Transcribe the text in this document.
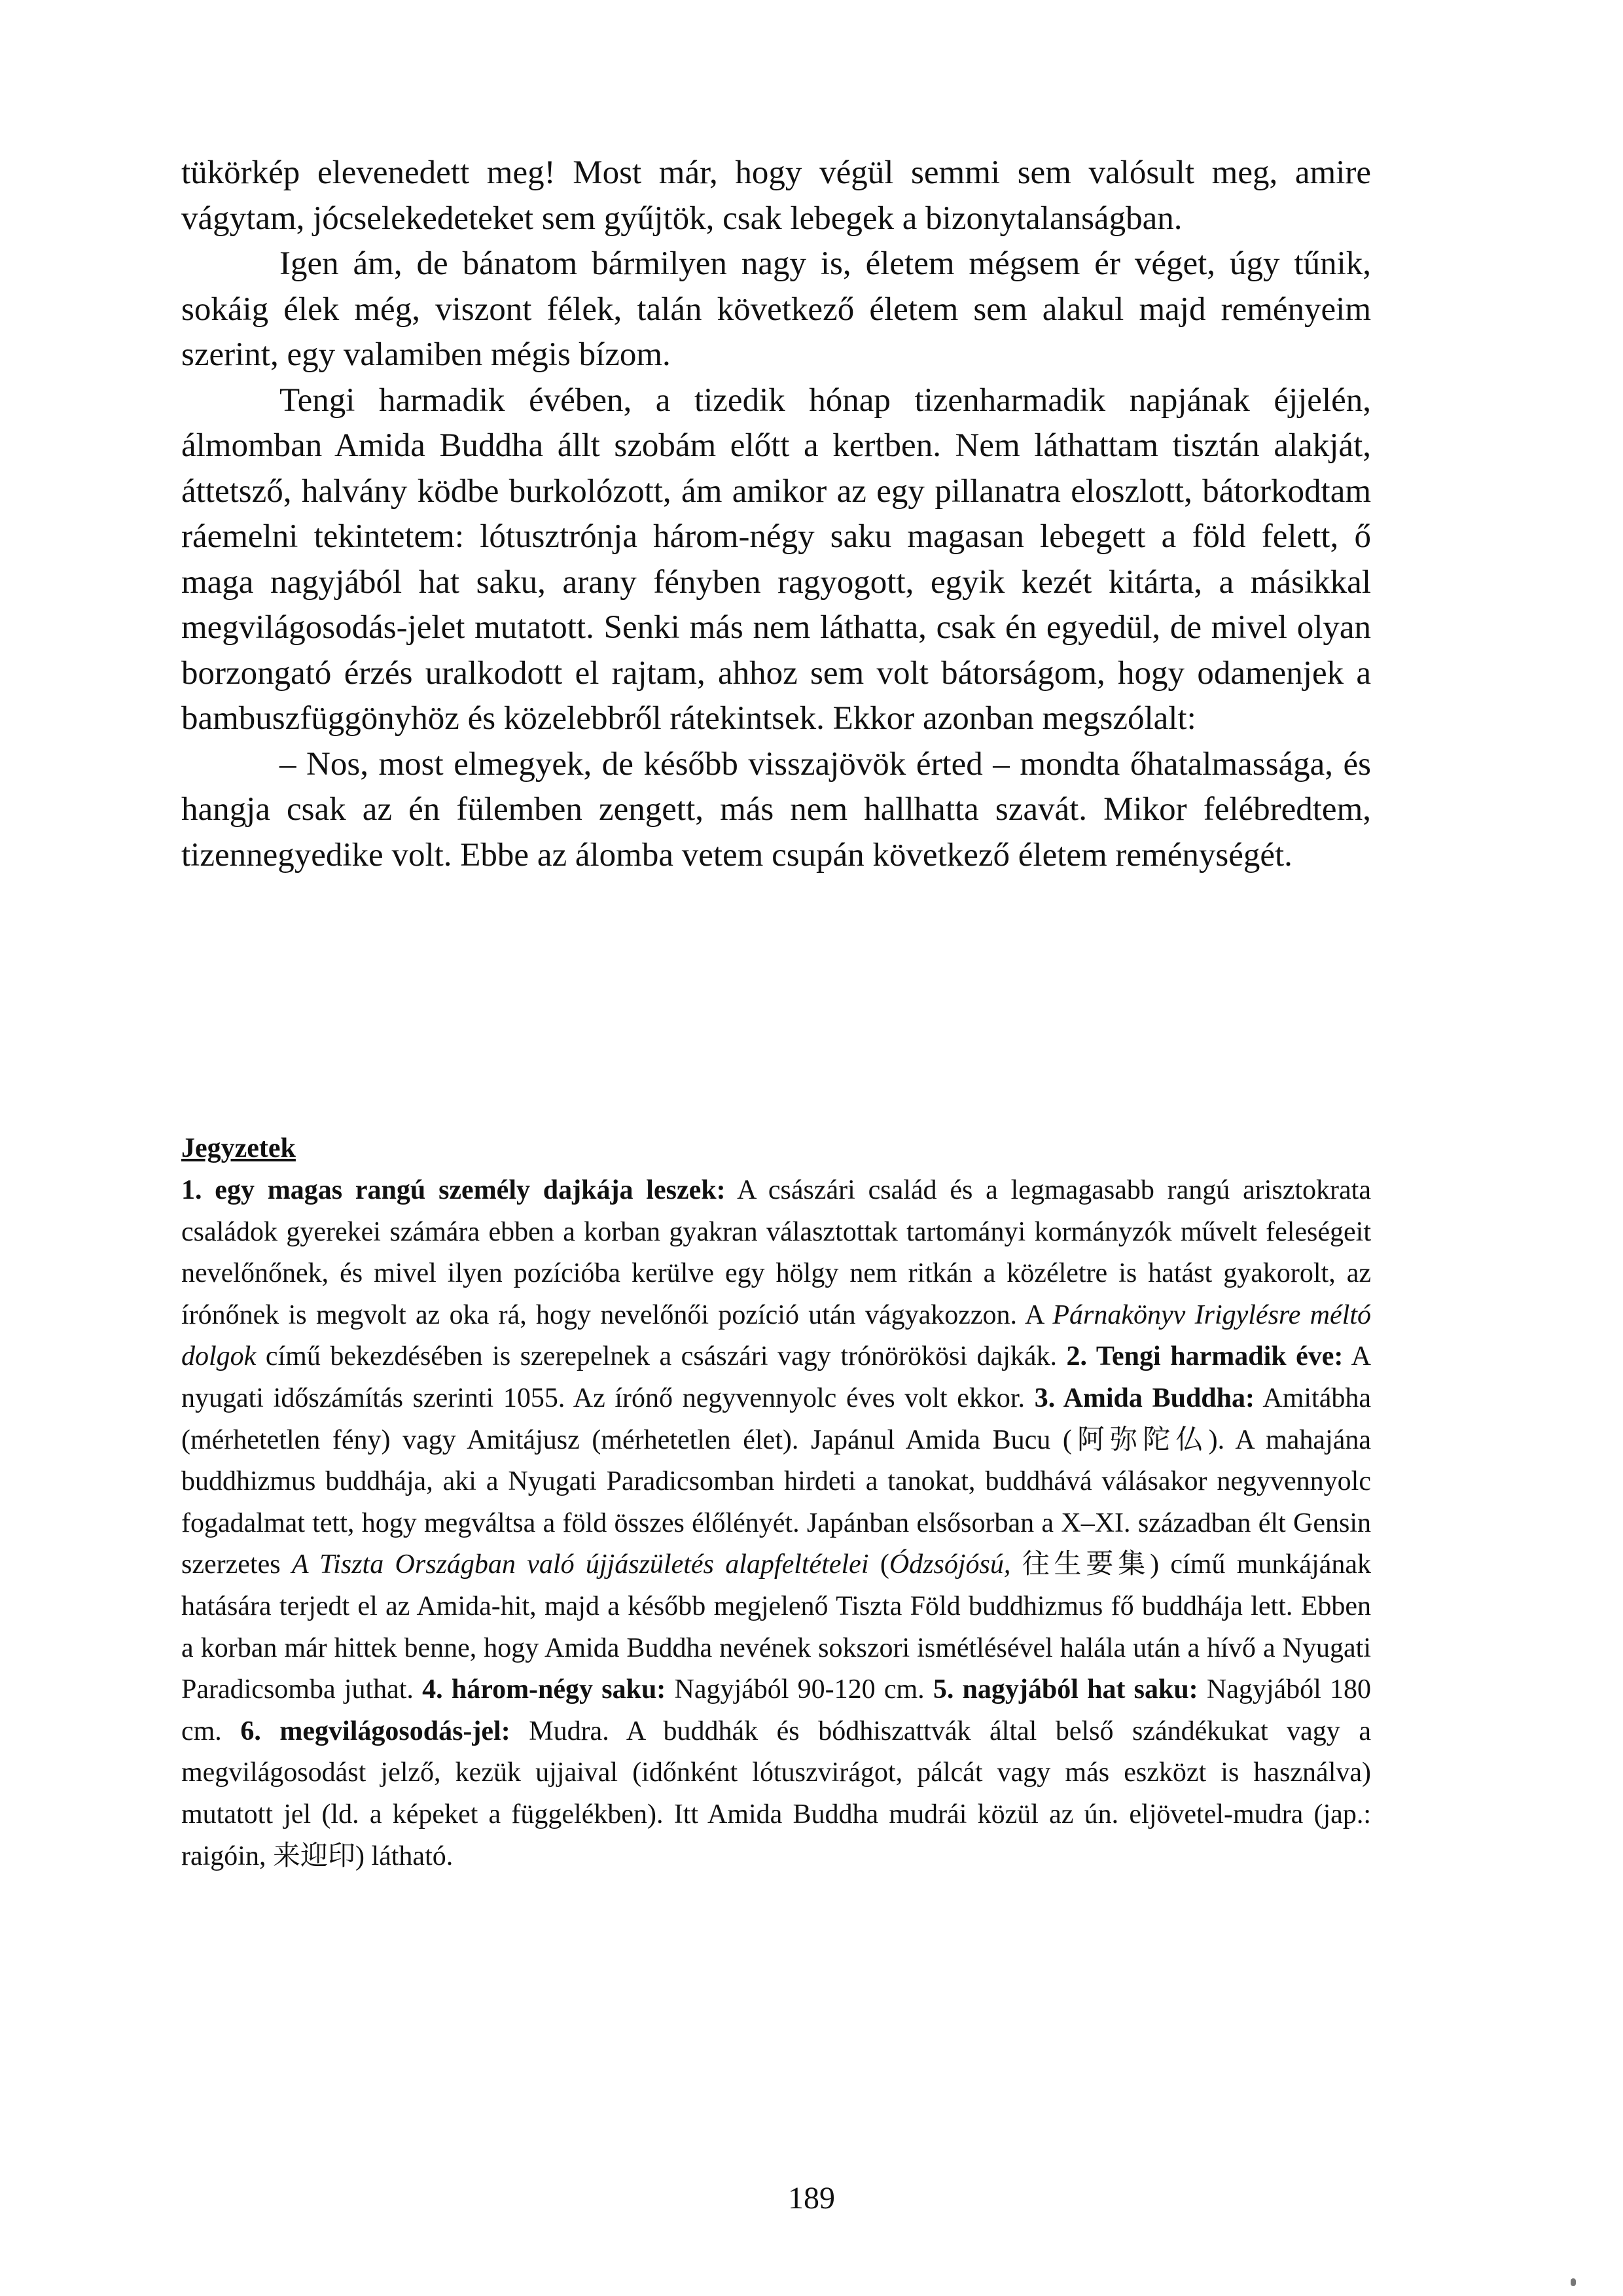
tükörkép elevenedett meg! Most már, hogy végül semmi sem valósult meg, amire vágytam, jócselekedeteket sem gyűjtök, csak lebegek a bizonytalanságban.

Igen ám, de bánatom bármilyen nagy is, életem mégsem ér véget, úgy tűnik, sokáig élek még, viszont félek, talán következő életem sem alakul majd reményeim szerint, egy valamiben mégis bízom.

Tengi harmadik évében, a tizedik hónap tizenharmadik napjának éjjelén, álmomban Amida Buddha állt szobám előtt a kertben. Nem láthattam tisztán alakját, áttetsző, halvány ködbe burkolózott, ám amikor az egy pillanatra eloszlott, bátorkodtam ráemelni tekintetem: lótusztrónja három-négy saku magasan lebegett a föld felett, ő maga nagyjából hat saku, arany fényben ragyogott, egyik kezét kitárta, a másikkal megvilágosodás-jelet mutatott. Senki más nem láthatta, csak én egyedül, de mivel olyan borzongató érzés uralkodott el rajtam, ahhoz sem volt bátorságom, hogy odamenjek a bambuszfüggönyhöz és közelebbről rátekintsek. Ekkor azonban megszólalt:

– Nos, most elmegyek, de később visszajövök érted – mondta őhatalmassága, és hangja csak az én fülemben zengett, más nem hallhatta szavát. Mikor felébredtem, tizennegyedike volt. Ebbe az álomba vetem csupán következő életem reménységét.

Jegyzetek

1. egy magas rangú személy dajkája leszek: A császári család és a legmagasabb rangú arisztokrata családok gyerekei számára ebben a korban gyakran választottak tartományi kormányzók művelt feleségeit nevelőnőnek, és mivel ilyen pozícióba kerülve egy hölgy nem ritkán a közéletre is hatást gyakorolt, az írónőnek is megvolt az oka rá, hogy nevelőnői pozíció után vágyakozzon. A Párnakönyv Irigylésre méltó dolgok című bekezdésében is szerepelnek a császári vagy trónörökösi dajkák. 2. Tengi harmadik éve: A nyugati időszámítás szerinti 1055. Az írónő negyvennyolc éves volt ekkor. 3. Amida Buddha: Amitábha (mérhetetlen fény) vagy Amitájusz (mérhetetlen élet). Japánul Amida Bucu (阿弥陀仏). A mahajána buddhizmus buddhája, aki a Nyugati Paradicsomban hirdeti a tanokat, buddhává válásakor negyvennyolc fogadalmat tett, hogy megváltsa a föld összes élőlényét. Japánban elsősorban a X–XI. században élt Gensin szerzetes A Tiszta Országban való újjászületés alapfeltételei (Ódzsójósú, 往生要集) című munkájának hatására terjedt el az Amida-hit, majd a később megjelenő Tiszta Föld buddhizmus fő buddhája lett. Ebben a korban már hittek benne, hogy Amida Buddha nevének sokszori ismétlésével halála után a hívő a Nyugati Paradicsomba juthat. 4. három-négy saku: Nagyjából 90-120 cm. 5. nagyjából hat saku: Nagyjából 180 cm. 6. megvilágosodás-jel: Mudra. A buddhák és bódhiszattvák által belső szándékukat vagy a megvilágosodást jelző, kezük ujjaival (időnként lótuszvirágot, pálcát vagy más eszközt is használva) mutatott jel (ld. a képeket a függelékben). Itt Amida Buddha mudrái közül az ún. eljövetel-mudra (jap.: raigóin, 来迎印) látható.

189
